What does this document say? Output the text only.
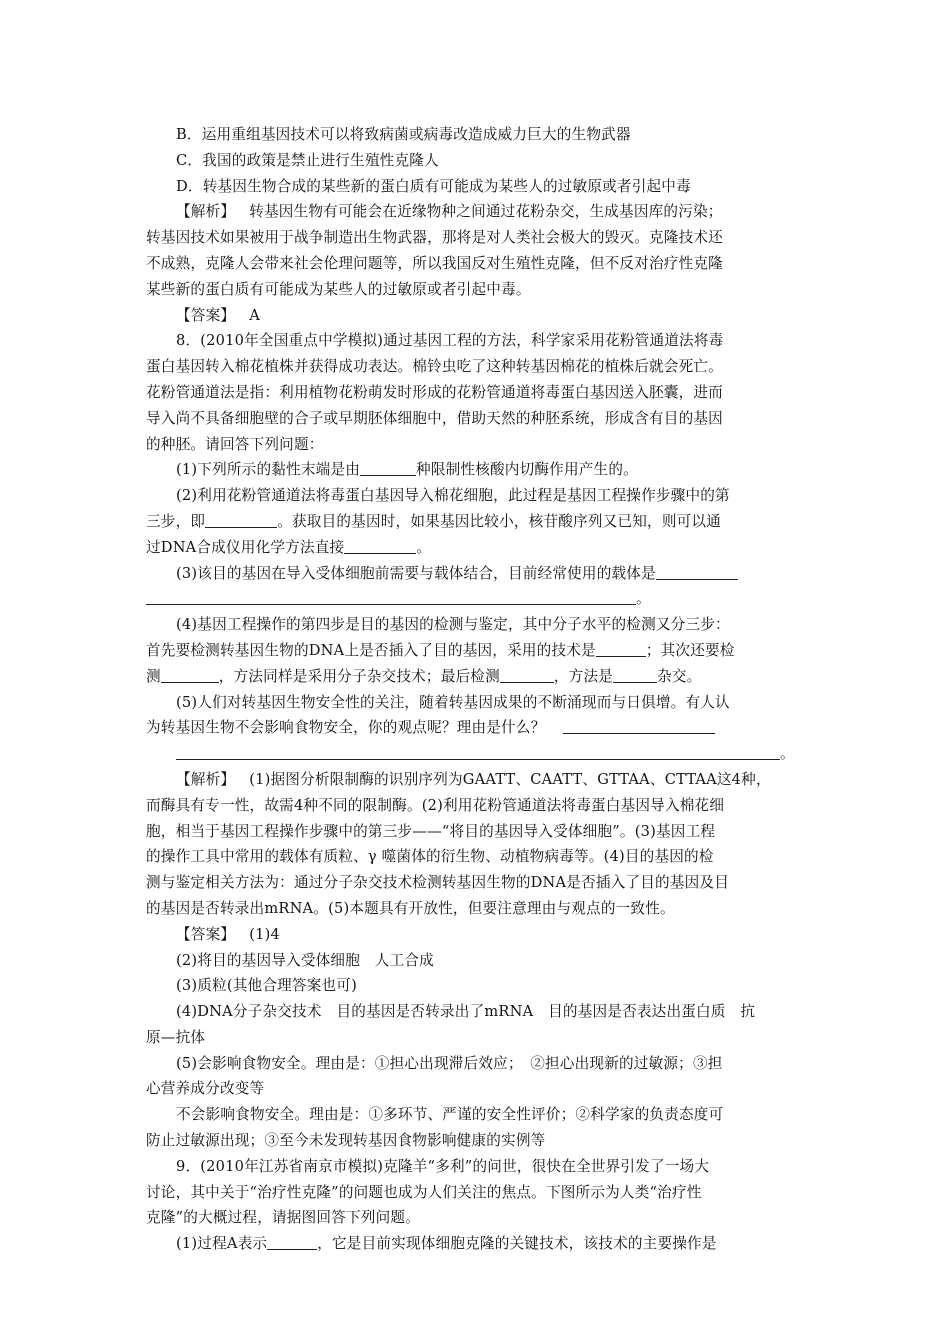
B．运用重组基因技术可以将致病菌或病毒改造成威力巨大的生物武器
C．我国的政策是禁止进行生殖性克隆人
D．转基因生物合成的某些新的蛋白质有可能成为某些人的过敏原或者引起中毒
【解析】 转基因生物有可能会在近缘物种之间通过花粉杂交，生成基因库的污染；
转基因技术如果被用于战争制造出生物武器，那将是对人类社会极大的毁灭。克隆技术还
不成熟，克隆人会带来社会伦理问题等，所以我国反对生殖性克隆，但不反对治疗性克隆
某些新的蛋白质有可能成为某些人的过敏原或者引起中毒。
【答案】 A
8．(2010年全国重点中学模拟)通过基因工程的方法，科学家采用花粉管通道法将毒
蛋白基因转入棉花植株并获得成功表达。棉铃虫吃了这种转基因棉花的植株后就会死亡。
花粉管通道法是指：利用植物花粉萌发时形成的花粉管通道将毒蛋白基因送入胚囊，进而
导入尚不具备细胞壁的合子或早期胚体细胞中，借助天然的种胚系统，形成含有目的基因
的种胚。请回答下列问题：
(1)下列所示的黏性末端是由	种限制性核酸内切酶作用产生的。
(2)利用花粉管通道法将毒蛋白基因导入棉花细胞，此过程是基因工程操作步骤中的第
三步，即	。获取目的基因时，如果基因比较小，核苷酸序列又已知，则可以通
过DNA合成仪用化学方法直接	。
(3)该目的基因在导入受体细胞前需要与载体结合，目前经常使用的载体是
。
(4)基因工程操作的第四步是目的基因的检测与鉴定，其中分子水平的检测又分三步：
首先要检测转基因生物的DNA上是否插入了目的基因，采用的技术是	；其次还要检
测	，方法同样是采用分子杂交技术；最后检测	，方法是	杂交。
(5)人们对转基因生物安全性的关注，随着转基因成果的不断涌现而与日俱增。有人认
为转基因生物不会影响食物安全，你的观点呢？理由是什么？
。
【解析】 (1)据图分析限制酶的识别序列为GAATT、CAATT、GTTAA、CTTAA这4种，
而酶具有专一性，故需4种不同的限制酶。(2)利用花粉管通道法将毒蛋白基因导入棉花细
胞，相当于基因工程操作步骤中的第三步——“将目的基因导入受体细胞”。(3)基因工程
的操作工具中常用的载体有质粒、γ 噬菌体的衍生物、动植物病毒等。(4)目的基因的检
测与鉴定相关方法为：通过分子杂交技术检测转基因生物的DNA是否插入了目的基因及目
的基因是否转录出mRNA。(5)本题具有开放性，但要注意理由与观点的一致性。
【答案】 (1)4
(2)将目的基因导入受体细胞　人工合成
(3)质粒(其他合理答案也可)
(4)DNA分子杂交技术　目的基因是否转录出了mRNA　目的基因是否表达出蛋白质　抗
原—抗体
(5)会影响食物安全。理由是：①担心出现滞后效应；　②担心出现新的过敏源；③担
心营养成分改变等
不会影响食物安全。理由是：①多环节、严谨的安全性评价；②科学家的负责态度可
防止过敏源出现；③至今未发现转基因食物影响健康的实例等
9．(2010年江苏省南京市模拟)克隆羊“多利”的问世，很快在全世界引发了一场大
讨论，其中关于“治疗性克隆”的问题也成为人们关注的焦点。下图所示为人类“治疗性
克隆”的大概过程，请据图回答下列问题。
(1)过程A表示	，它是目前实现体细胞克隆的关键技术，该技术的主要操作是
